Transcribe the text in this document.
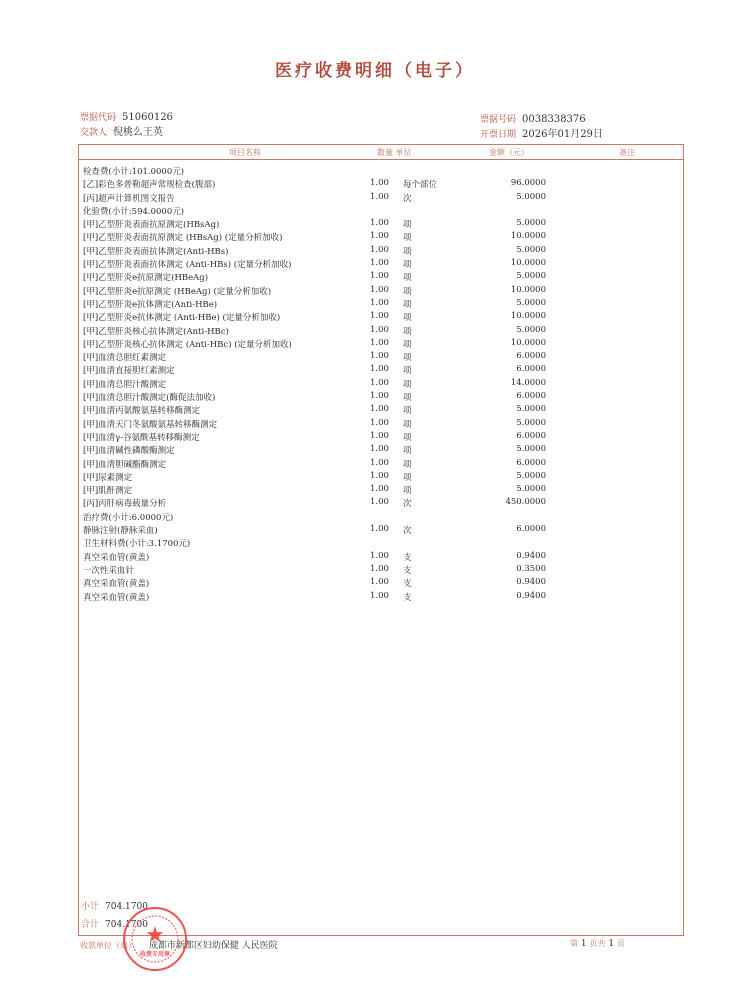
医疗收费明细（电子）
票据代码 51060126
交款人 倪桃么王英
票据号码 0038338376
开票日期 2026年01月29日
项目名称	数量 单位	金额（元）	备注
检查费(小计:101.0000元)
[乙]彩色多普勒超声常规检查(腹部)	1.00 每个部位	96.0000
[丙]超声计算机图文报告	1.00 次	5.0000
化验费(小计:594.0000元)
[甲]乙型肝炎表面抗原测定(HBsAg)	1.00 项	5.0000
[甲]乙型肝炎表面抗原测定 (HBsAg) (定量分析加收)	1.00 项	10.0000
[甲]乙型肝炎表面抗体测定(Anti-HBs)	1.00 项	5.0000
[甲]乙型肝炎表面抗体测定 (Anti-HBs) (定量分析加收)	1.00 项	10.0000
[甲]乙型肝炎e抗原测定(HBeAg)	1.00 项	5.0000
[甲]乙型肝炎e抗原测定 (HBeAg) (定量分析加收)	1.00 项	10.0000
[甲]乙型肝炎e抗体测定(Anti-HBe)	1.00 项	5.0000
[甲]乙型肝炎e抗体测定 (Anti-HBe) (定量分析加收)	1.00 项	10.0000
[甲]乙型肝炎核心抗体测定(Anti-HBc)	1.00 项	5.0000
[甲]乙型肝炎核心抗体测定 (Anti-HBc) (定量分析加收)	1.00 项	10.0000
[甲]血清总胆红素测定	1.00 项	6.0000
[甲]血清直接胆红素测定	1.00 项	6.0000
[甲]血清总胆汁酸测定	1.00 项	14.0000
[甲]血清总胆汁酸测定(酶促法加收)	1.00 项	6.0000
[甲]血清丙氨酸氨基转移酶测定	1.00 项	5.0000
[甲]血清天门冬氨酸氨基转移酶测定	1.00 项	5.0000
[甲]血清γ-谷氨酰基转移酶测定	1.00 项	6.0000
[甲]血清碱性磷酸酶测定	1.00 项	5.0000
[甲]血清胆碱酯酶测定	1.00 项	6.0000
[甲]尿素测定	1.00 项	5.0000
[甲]肌酐测定	1.00 项	5.0000
[丙]丙肝病毒载量分析	1.00 次	450.0000
治疗费(小计:6.0000元)
静脉注射(静脉采血)	1.00 次	6.0000
卫生材料费(小计:3.1700元)
真空采血管(黄盖)	1.00 支	0.9400
一次性采血针	1.00 支	0.3500
真空采血管(黄盖)	1.00 支	0.9400
真空采血管(黄盖)	1.00 支	0.9400
小计 704.1700
合计 704.1700
收款单位（章） 成都市新都区妇幼保健 人民医院	第 1 页共 1 页
★
收费专用章
